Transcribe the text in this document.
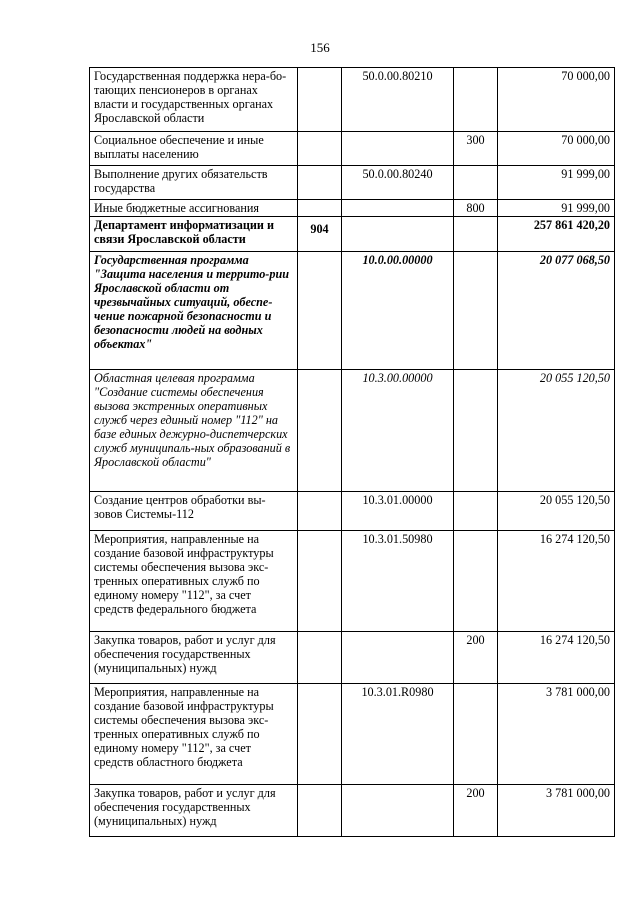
156
Государственная поддержка нера-ботающих пенсионеров в органах власти и государственных органах Ярославской области		50.0.00.80210		70 000,00
Социальное обеспечение и иные выплаты населению			300	70 000,00
Выполнение других обязательств государства		50.0.00.80240		91 999,00
Иные бюджетные ассигнования			800	91 999,00
Департамент информатизации и связи Ярославской области	904			257 861 420,20
Государственная программа "Защита населения и террито-рии Ярославской области от чрезвычайных ситуаций, обеспе-чение пожарной безопасности и безопасности людей на водных объектах"		10.0.00.00000		20 077 068,50
Областная целевая программа "Создание системы обеспечения вызова экстренных оперативных служб через единый номер "112" на базе единых дежурно-диспетчерских служб муниципаль-ных образований в Ярославской области"		10.3.00.00000		20 055 120,50
Создание центров обработки вы-зовов Системы-112		10.3.01.00000		20 055 120,50
Мероприятия, направленные на создание базовой инфраструктуры системы обеспечения вызова экс-тренных оперативных служб по единому номеру "112", за счет средств федерального бюджета		10.3.01.50980		16 274 120,50
Закупка товаров, работ и услуг для обеспечения государственных (муниципальных) нужд			200	16 274 120,50
Мероприятия, направленные на создание базовой инфраструктуры системы обеспечения вызова экс-тренных оперативных служб по единому номеру "112", за счет средств областного бюджета		10.3.01.R0980		3 781 000,00
Закупка товаров, работ и услуг для обеспечения государственных (муниципальных) нужд			200	3 781 000,00
